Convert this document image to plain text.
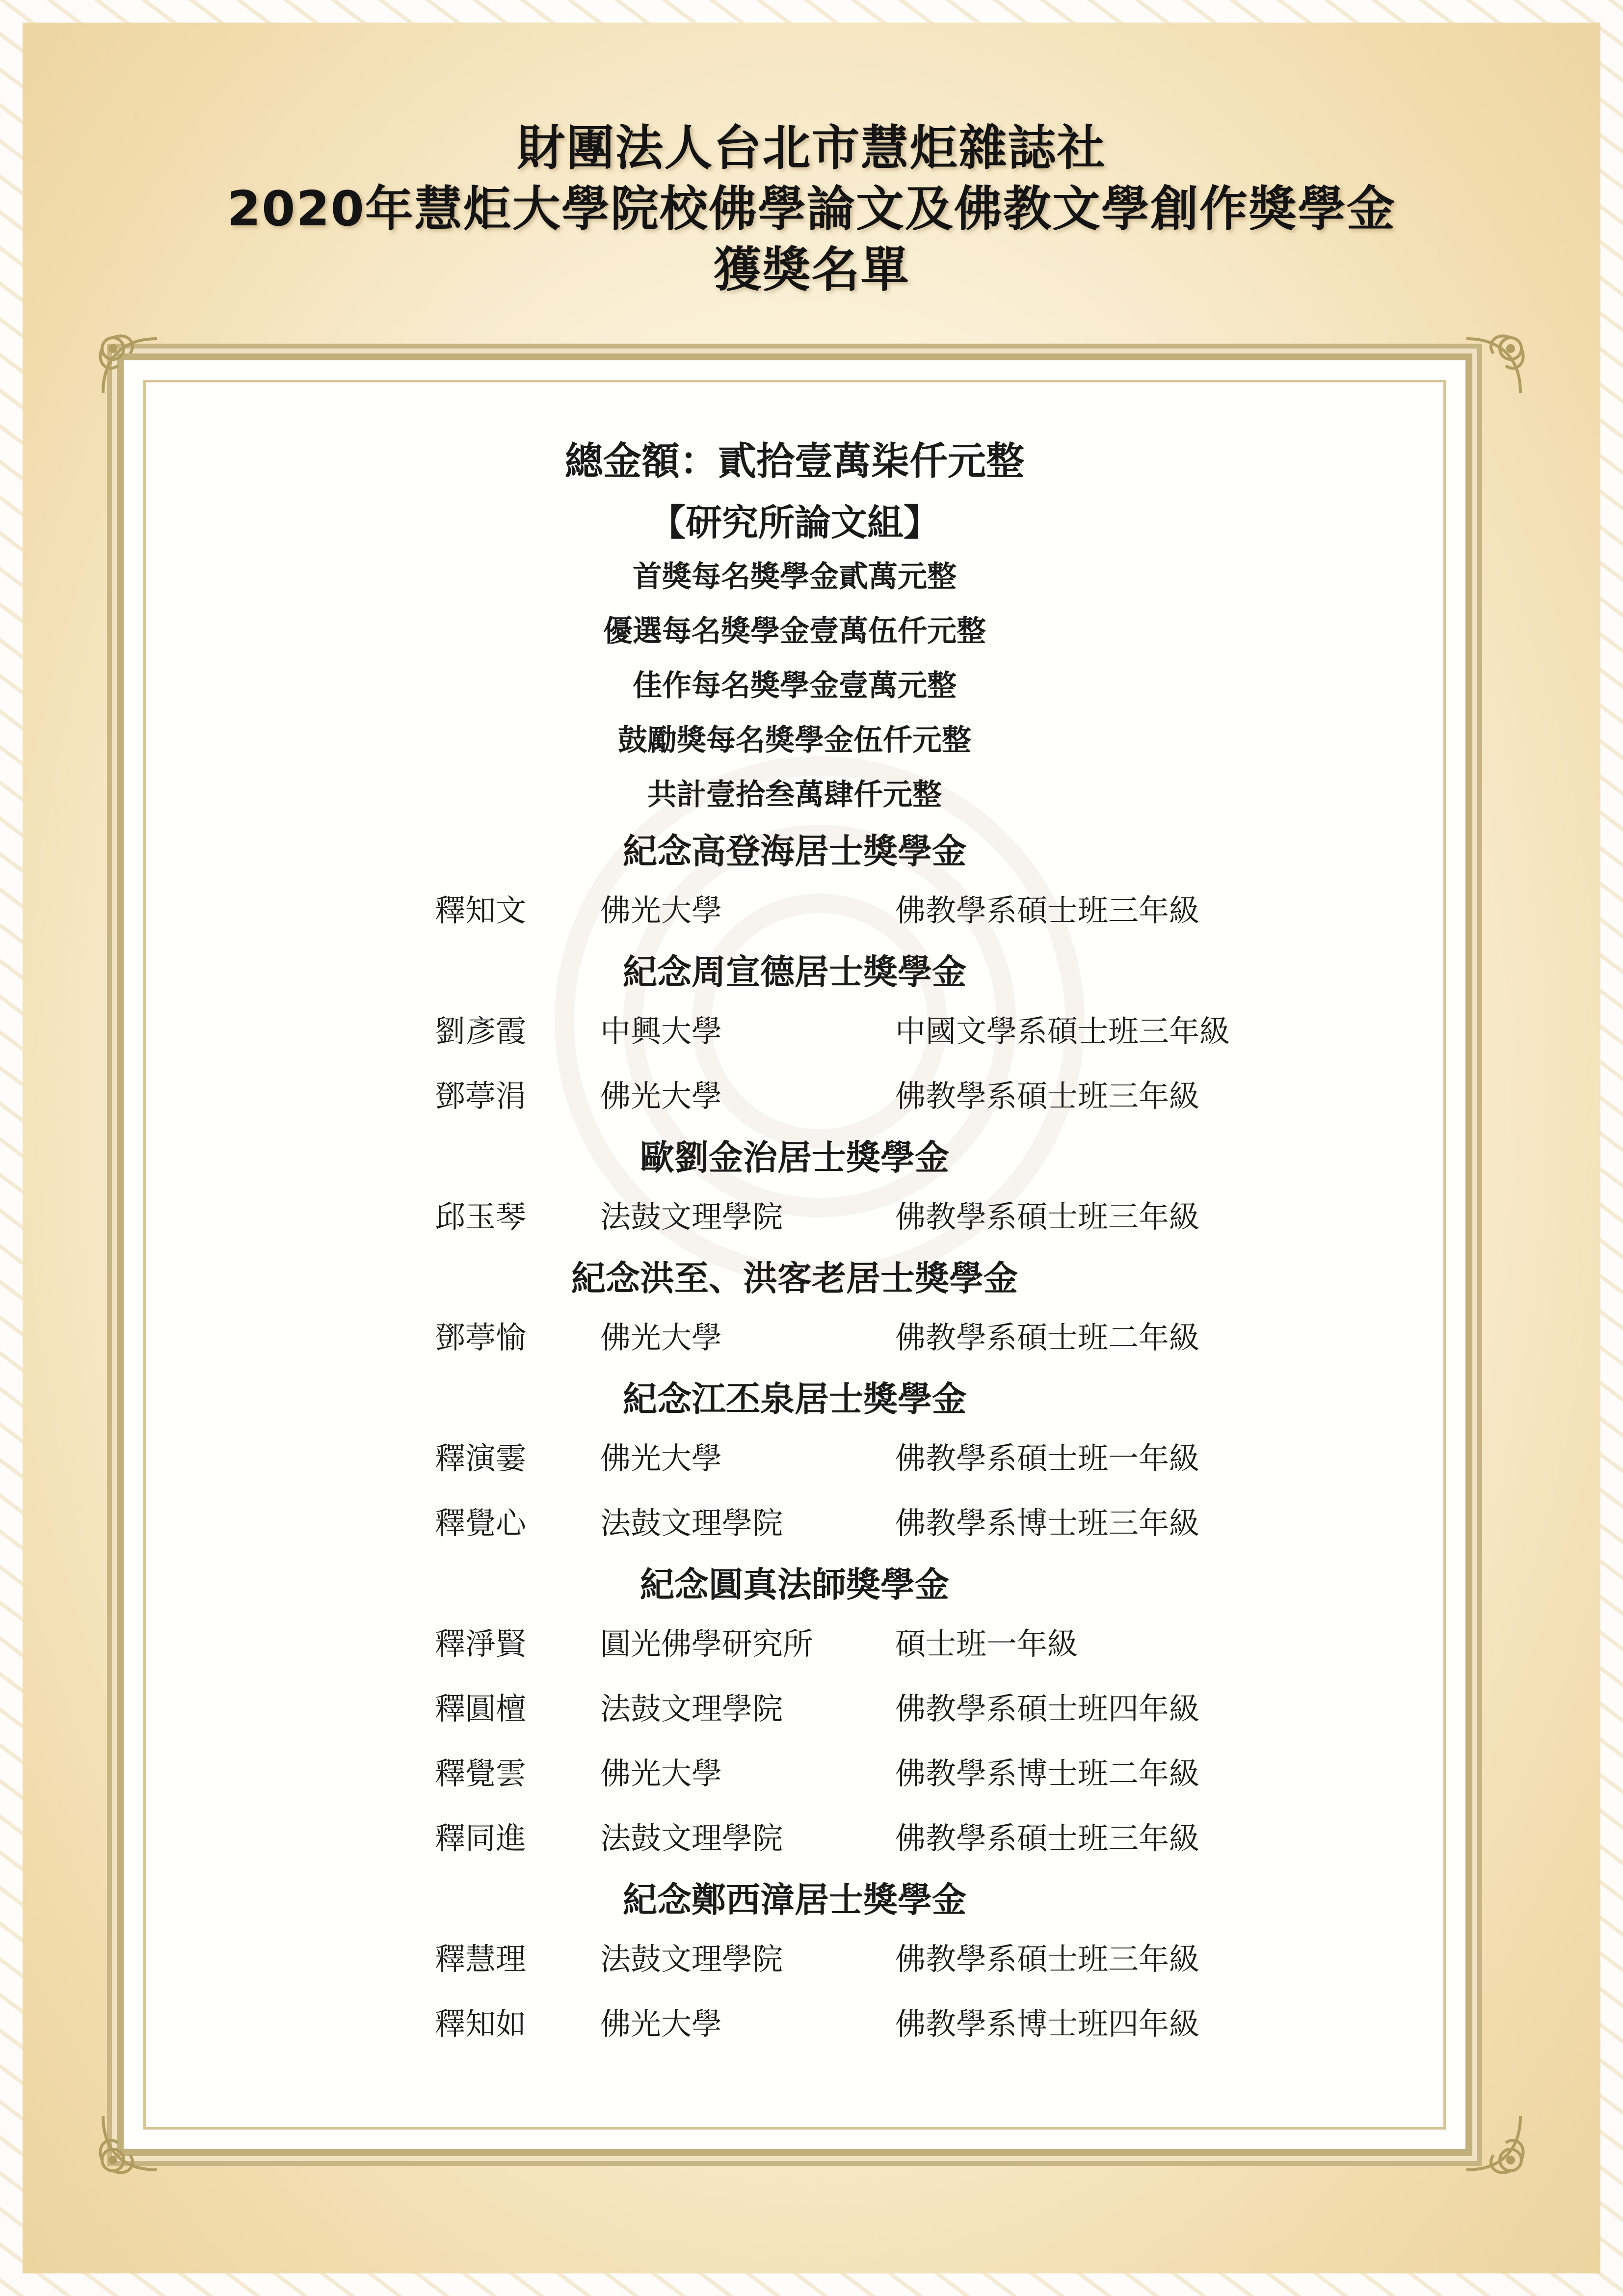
財團法人台北市慧炬雜誌社
2020年慧炬大學院校佛學論文及佛教文學創作獎學金
獲獎名單
總金額：貳拾壹萬柒仟元整
【研究所論文組】
首獎每名獎學金貳萬元整
優選每名獎學金壹萬伍仟元整
佳作每名獎學金壹萬元整
鼓勵獎每名獎學金伍仟元整
共計壹拾叁萬肆仟元整
紀念高登海居士獎學金
釋知文 佛光大學	佛教學系碩士班三年級
紀念周宣德居士獎學金
劉彥霞 中興大學	中國文學系碩士班三年級
鄧葶涓 佛光大學	佛教學系碩士班三年級
歐劉金治居士獎學金
邱玉琴 法鼓文理學院	佛教學系碩士班三年級
紀念洪至、洪客老居士獎學金
鄧葶愉 佛光大學	佛教學系碩士班二年級
紀念江丕泉居士獎學金
釋演霎 佛光大學	佛教學系碩士班一年級
釋覺心 法鼓文理學院	佛教學系博士班三年級
紀念圓真法師獎學金
釋淨賢 圓光佛學研究所	碩士班一年級
釋圓檀 法鼓文理學院	佛教學系碩士班四年級
釋覺雲 佛光大學	佛教學系博士班二年級
釋同進 法鼓文理學院	佛教學系碩士班三年級
紀念鄭西漳居士獎學金
釋慧理 法鼓文理學院	佛教學系碩士班三年級
釋知如 佛光大學	佛教學系博士班四年級
